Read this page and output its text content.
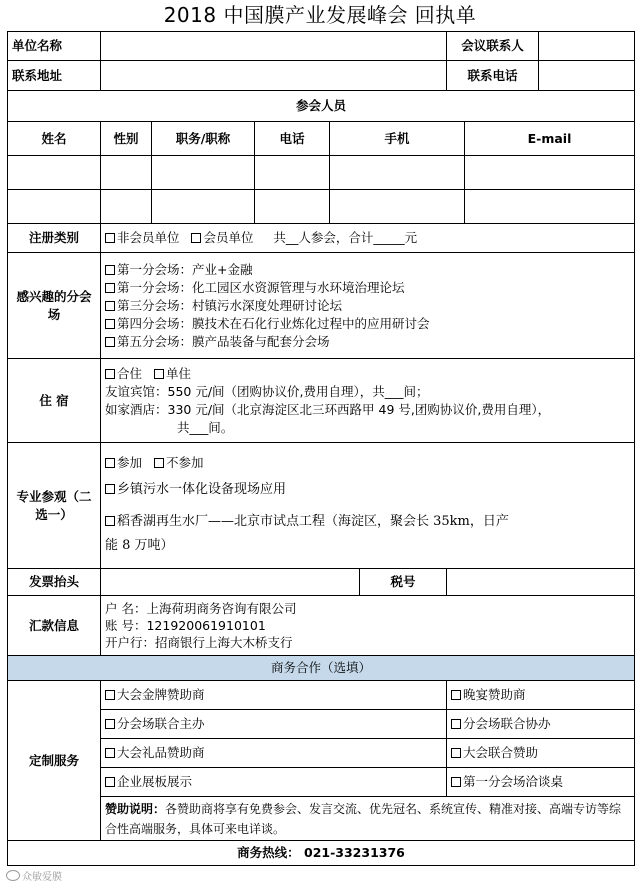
2018 中国膜产业发展峰会 回执单
单位名称						会议联系人		
联系地址						联系电话		
参会人员								
姓名	性别	职务/职称	电话	手机			E-mail	

注册类别	非会员单位 会员单位 共__人参会，合计_____元							
感兴趣的分会场	第一分会场：产业+金融
第一分会场：化工园区水资源管理与水环境治理论坛
第三分会场：村镇污水深度处理研讨论坛
第四分会场：膜技术在石化行业炼化过程中的应用研讨会
第五分会场：膜产品装备与配套分会场							

住 宿	合住 单住
友谊宾馆：550 元/间（团购协议价,费用自理），共___间；
如家酒店：330 元/间（北京海淀区北三环西路甲 49 号,团购协议价,费用自理），
共___间。							

专业参观（二选一）	参加 不参加
乡镇污水一体化设备现场应用
稻香湖再生水厂——北京市试点工程（海淀区，聚会长 35km，日产
能 8 万吨）							

发票抬头					税号			
汇款信息	户 名：上海荷玥商务咨询有限公司
账 号：121920061910101
开户行：招商银行上海大木桥支行							

商务合作（选填）								
定制服务	大会金牌赞助商					晚宴赞助商		
	分会场联合主办					分会场联合协办		
	大会礼品赞助商					大会联合赞助		
	企业展板展示					第一分会场洽谈桌		
	赞助说明：各赞助商将享有免费参会、发言交流、优先冠名、系统宣传、精准对接、高端专访等综合性高端服务，具体可来电详谈。							
商务热线： 021-33231376								
众敏爱膜
